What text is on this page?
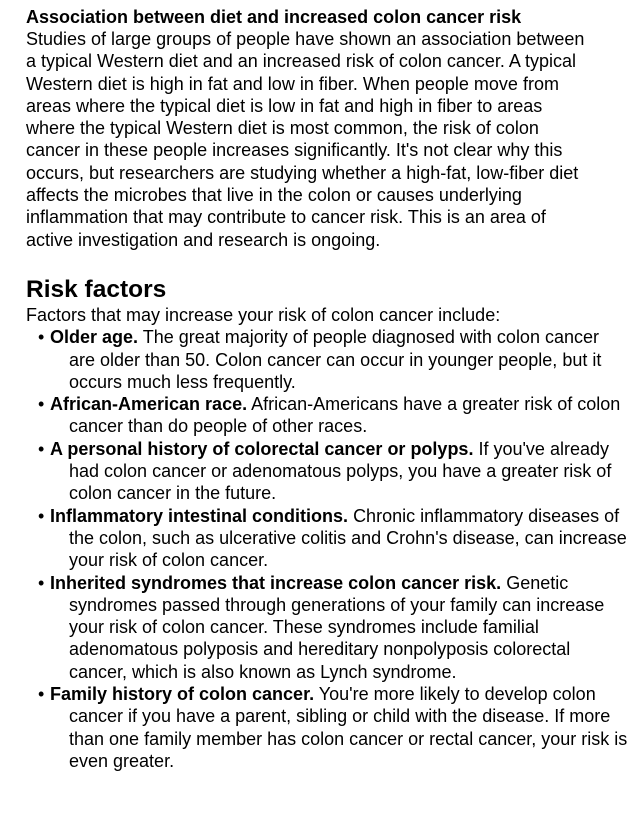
Association between diet and increased colon cancer risk

Studies of large groups of people have shown an association between a typical Western diet and an increased risk of colon cancer. A typical Western diet is high in fat and low in fiber. When people move from areas where the typical diet is low in fat and high in fiber to areas where the typical Western diet is most common, the risk of colon cancer in these people increases significantly. It's not clear why this occurs, but researchers are studying whether a high-fat, low-fiber diet affects the microbes that live in the colon or causes underlying inflammation that may contribute to cancer risk. This is an area of active investigation and research is ongoing.

Risk factors

Factors that may increase your risk of colon cancer include:

• Older age. The great majority of people diagnosed with colon cancer are older than 50. Colon cancer can occur in younger people, but it occurs much less frequently.
• African-American race. African-Americans have a greater risk of colon cancer than do people of other races.
• A personal history of colorectal cancer or polyps. If you've already had colon cancer or adenomatous polyps, you have a greater risk of colon cancer in the future.
• Inflammatory intestinal conditions. Chronic inflammatory diseases of the colon, such as ulcerative colitis and Crohn's disease, can increase your risk of colon cancer.
• Inherited syndromes that increase colon cancer risk. Genetic syndromes passed through generations of your family can increase your risk of colon cancer. These syndromes include familial adenomatous polyposis and hereditary nonpolyposis colorectal cancer, which is also known as Lynch syndrome.
• Family history of colon cancer. You're more likely to develop colon cancer if you have a parent, sibling or child with the disease. If more than one family member has colon cancer or rectal cancer, your risk is even greater.
